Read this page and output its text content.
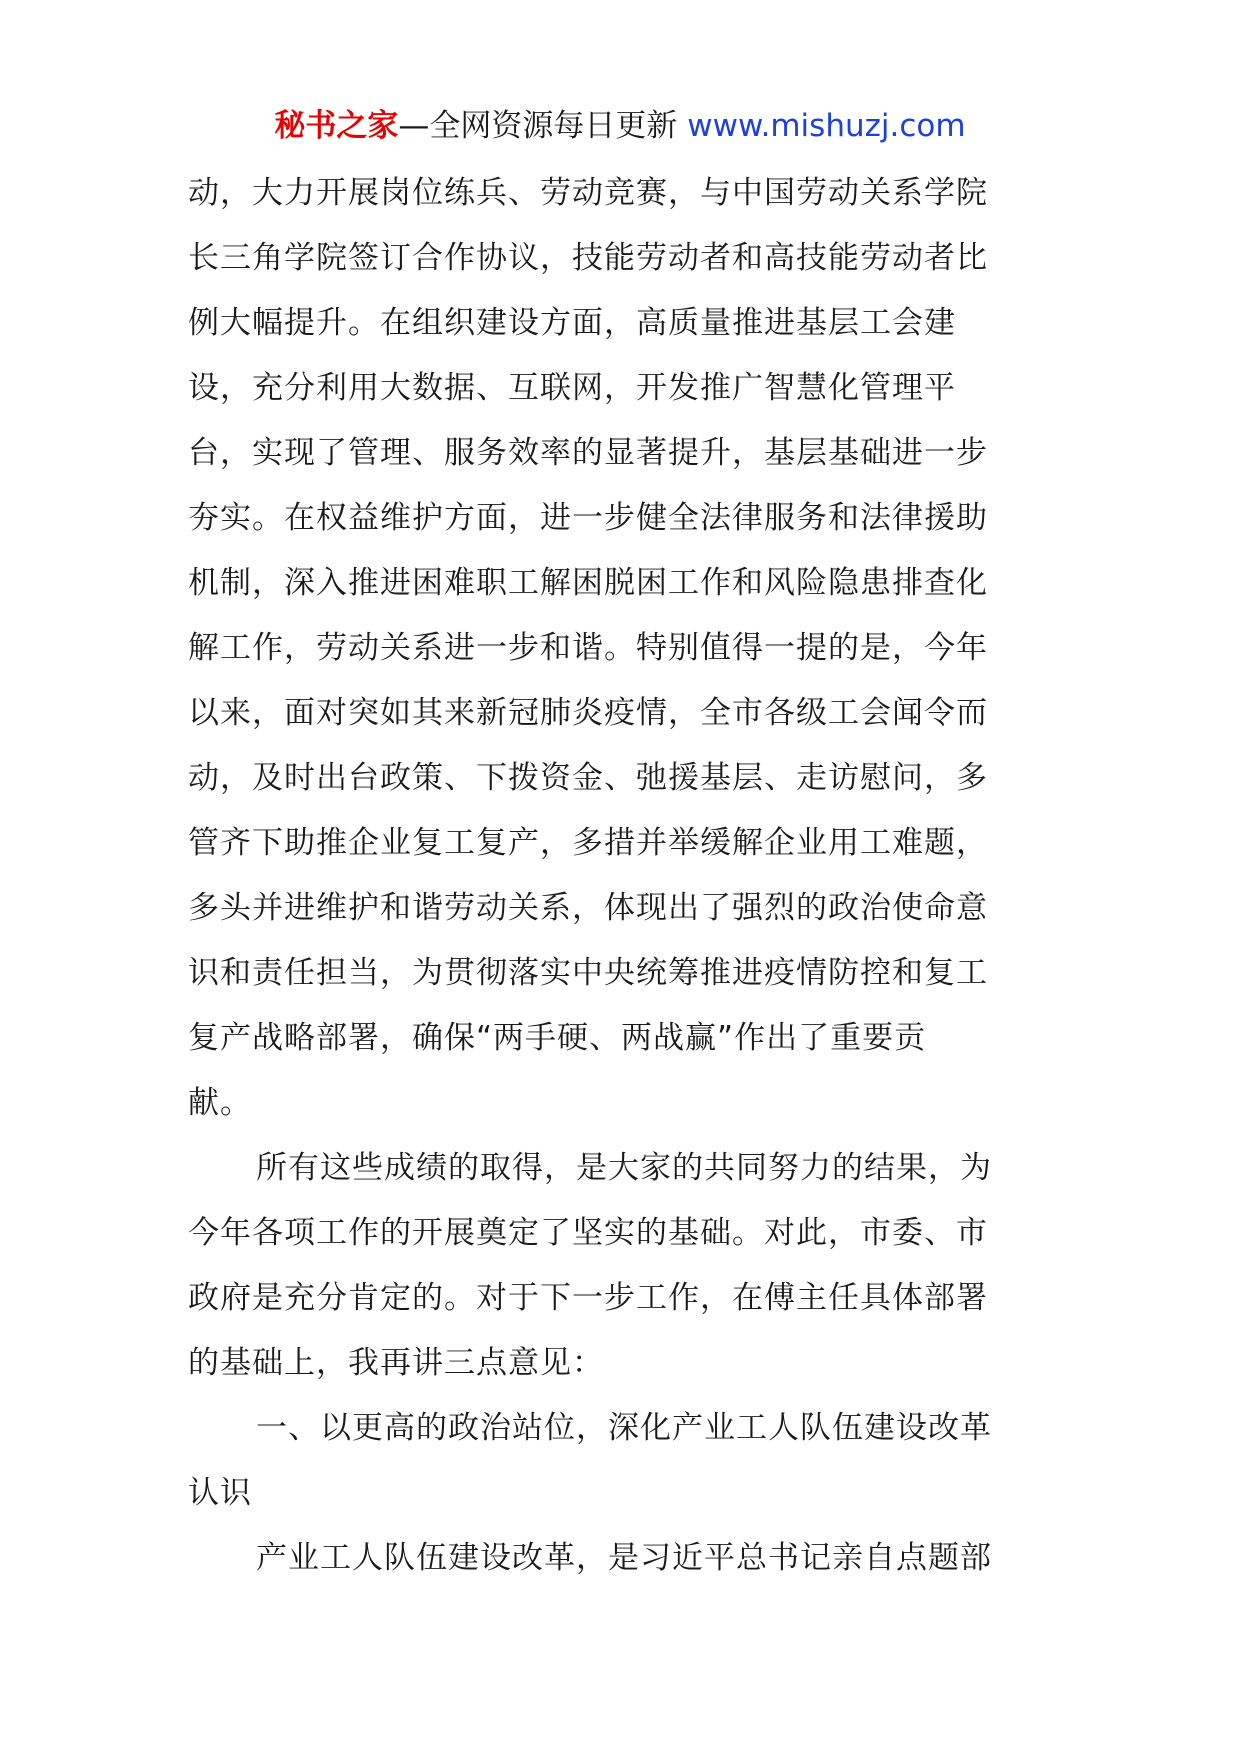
秘书之家—全网资源每日更新 www.mishuzj.com
动，大力开展岗位练兵、劳动竞赛，与中国劳动关系学院
长三角学院签订合作协议，技能劳动者和高技能劳动者比
例大幅提升。在组织建设方面，高质量推进基层工会建
设，充分利用大数据、互联网，开发推广智慧化管理平
台，实现了管理、服务效率的显著提升，基层基础进一步
夯实。在权益维护方面，进一步健全法律服务和法律援助
机制，深入推进困难职工解困脱困工作和风险隐患排查化
解工作，劳动关系进一步和谐。特别值得一提的是，今年
以来，面对突如其来新冠肺炎疫情，全市各级工会闻令而
动，及时出台政策、下拨资金、弛援基层、走访慰问，多
管齐下助推企业复工复产，多措并举缓解企业用工难题，
多头并进维护和谐劳动关系，体现出了强烈的政治使命意
识和责任担当，为贯彻落实中央统筹推进疫情防控和复工
复产战略部署，确保“两手硬、两战赢”作出了重要贡
献。
所有这些成绩的取得，是大家的共同努力的结果，为
今年各项工作的开展奠定了坚实的基础。对此，市委、市
政府是充分肯定的。对于下一步工作，在傅主任具体部署
的基础上，我再讲三点意见：
一、以更高的政治站位，深化产业工人队伍建设改革
认识
产业工人队伍建设改革，是习近平总书记亲自点题部
